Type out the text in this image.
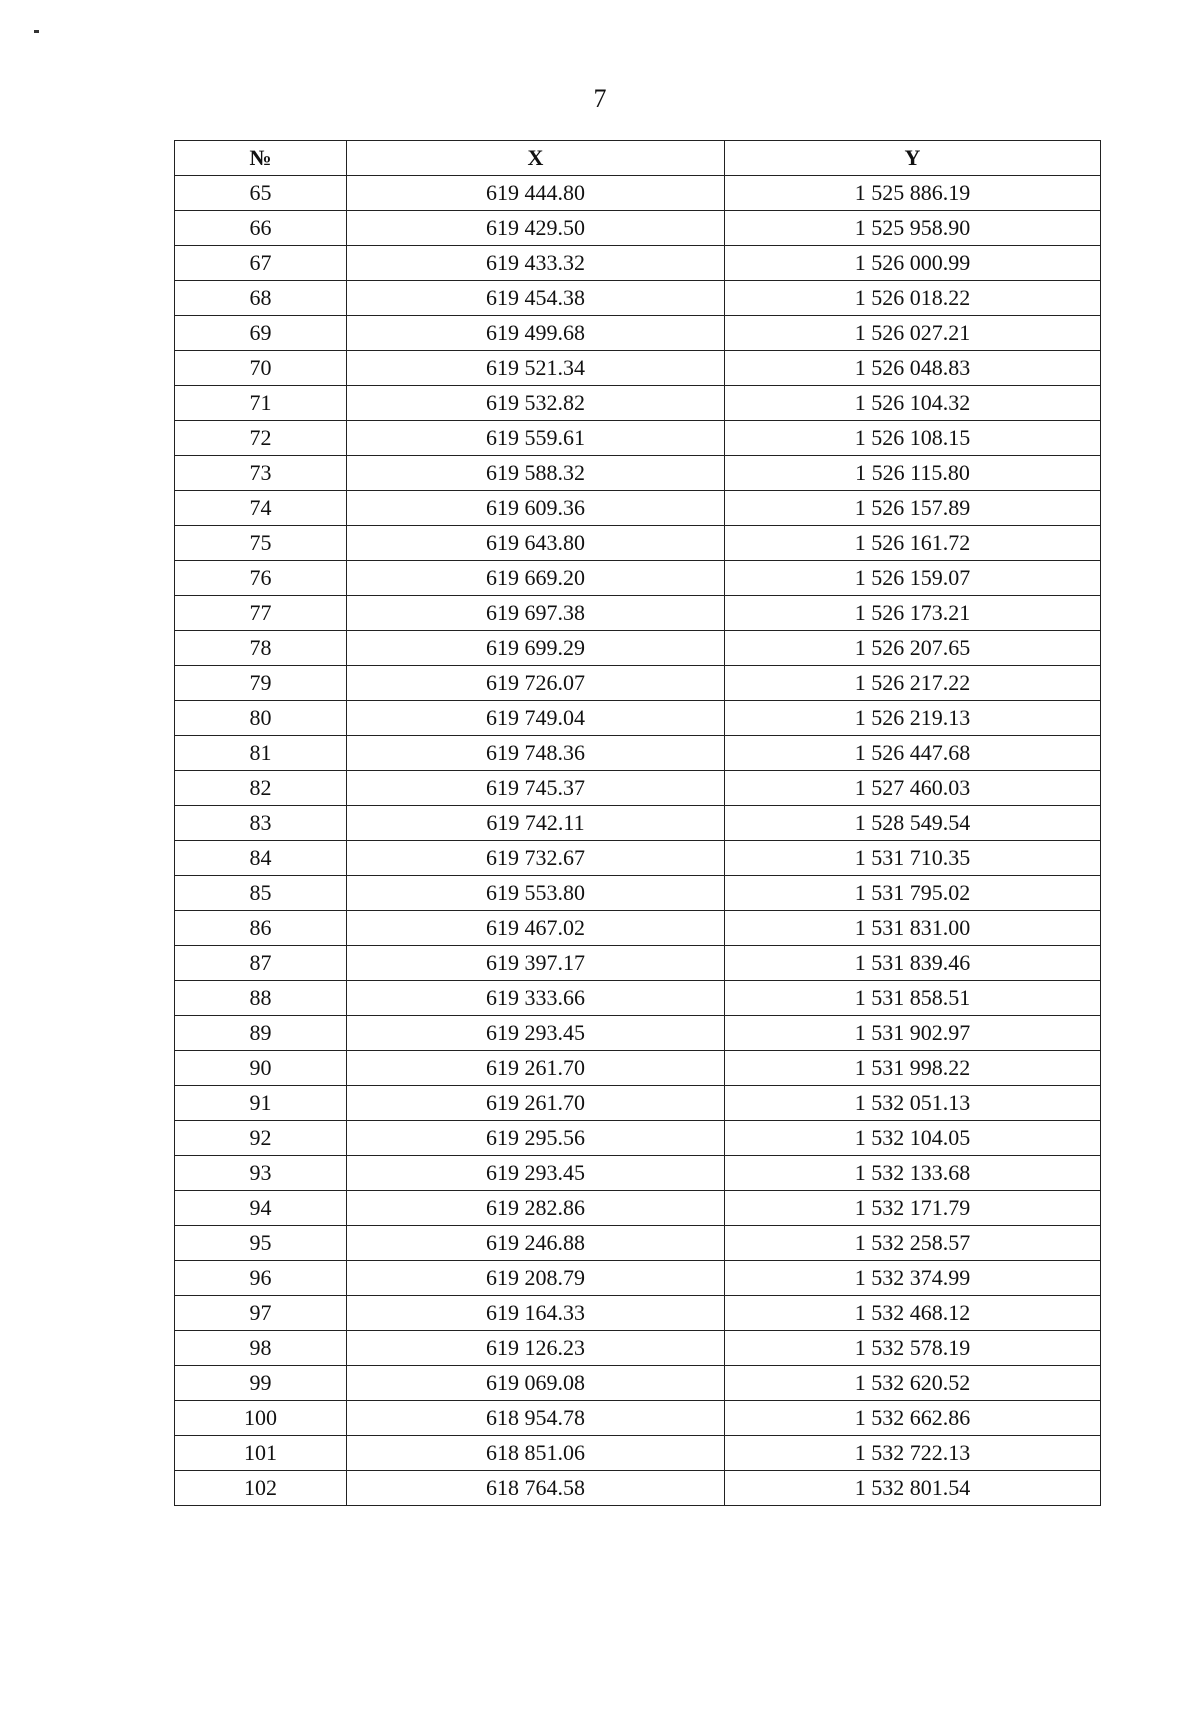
7
№	X	Y
65	619 444.80	1 525 886.19
66	619 429.50	1 525 958.90
67	619 433.32	1 526 000.99
68	619 454.38	1 526 018.22
69	619 499.68	1 526 027.21
70	619 521.34	1 526 048.83
71	619 532.82	1 526 104.32
72	619 559.61	1 526 108.15
73	619 588.32	1 526 115.80
74	619 609.36	1 526 157.89
75	619 643.80	1 526 161.72
76	619 669.20	1 526 159.07
77	619 697.38	1 526 173.21
78	619 699.29	1 526 207.65
79	619 726.07	1 526 217.22
80	619 749.04	1 526 219.13
81	619 748.36	1 526 447.68
82	619 745.37	1 527 460.03
83	619 742.11	1 528 549.54
84	619 732.67	1 531 710.35
85	619 553.80	1 531 795.02
86	619 467.02	1 531 831.00
87	619 397.17	1 531 839.46
88	619 333.66	1 531 858.51
89	619 293.45	1 531 902.97
90	619 261.70	1 531 998.22
91	619 261.70	1 532 051.13
92	619 295.56	1 532 104.05
93	619 293.45	1 532 133.68
94	619 282.86	1 532 171.79
95	619 246.88	1 532 258.57
96	619 208.79	1 532 374.99
97	619 164.33	1 532 468.12
98	619 126.23	1 532 578.19
99	619 069.08	1 532 620.52
100	618 954.78	1 532 662.86
101	618 851.06	1 532 722.13
102	618 764.58	1 532 801.54
